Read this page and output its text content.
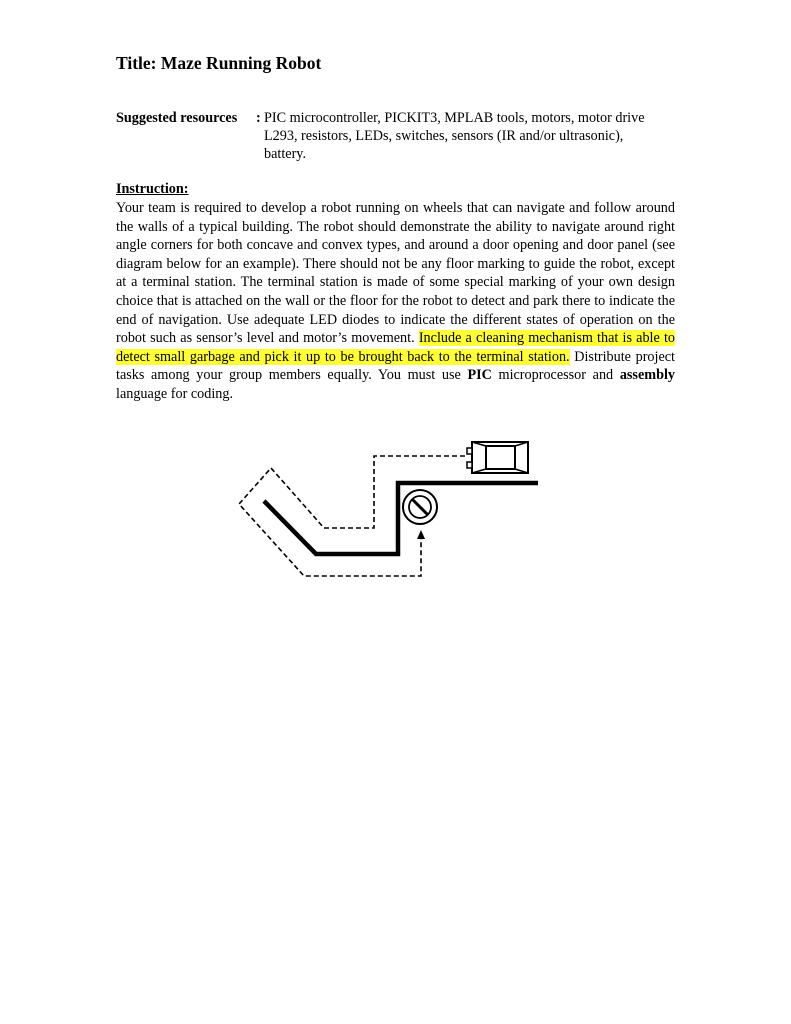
Title: Maze Running Robot
Suggested resources : PIC microcontroller, PICKIT3, MPLAB tools, motors, motor drive L293, resistors, LEDs, switches, sensors (IR and/or ultrasonic), battery.
Instruction:

Your team is required to develop a robot running on wheels that can navigate and follow around the walls of a typical building. The robot should demonstrate the ability to navigate around right angle corners for both concave and convex types, and around a door opening and door panel (see diagram below for an example). There should not be any floor marking to guide the robot, except at a terminal station. The terminal station is made of some special marking of your own design choice that is attached on the wall or the floor for the robot to detect and park there to indicate the end of navigation. Use adequate LED diodes to indicate the different states of operation on the robot such as sensor’s level and motor’s movement. Include a cleaning mechanism that is able to detect small garbage and pick it up to be brought back to the terminal station. Distribute project tasks among your group members equally. You must use PIC microprocessor and assembly language for coding.
